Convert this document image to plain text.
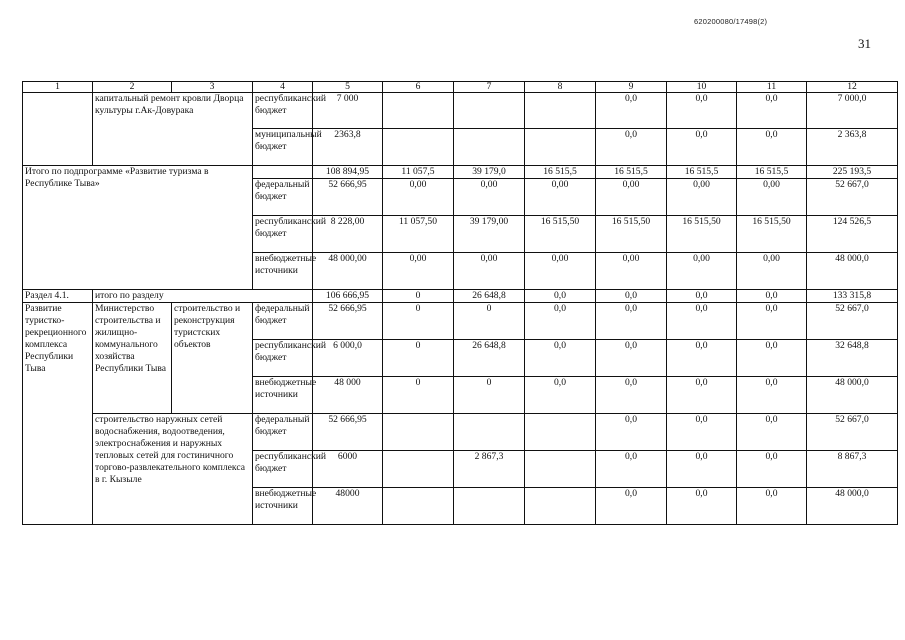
620200080/17498(2)
31
1	2	3	4	5	6	7	8	9	10	11	12
	капитальный ремонт кровли Дворца культуры г.Ак-Довурака		республиканский бюджет	7 000				0,0	0,0	0,0	7 000,0

			муниципальный бюджет	2363,8				0,0	0,0	0,0	2 363,8
Итого по подпрограмме «Развитие туризма в Республике Тыва»				108 894,95	11 057,5	39 179,0	16 515,5	16 515,5	16 515,5	16 515,5	225 193,5

			федеральный бюджет	52 666,95	0,00	0,00	0,00	0,00	0,00	0,00	52 667,0

			республиканский бюджет	8 228,00	11 057,50	39 179,00	16 515,50	16 515,50	16 515,50	16 515,50	124 526,5

			внебюджетные источники	48 000,00	0,00	0,00	0,00	0,00	0,00	0,00	48 000,0
Раздел 4.1.	итого по разделу			106 666,95	0	26 648,8	0,0	0,0	0,0	0,0	133 315,8
Развитие туристко-рекреционного комплекса Республики Тыва	Министерство строительства и жилищно-коммунального хозяйства Республики Тыва	строительство и реконструкция туристских объектов	федеральный бюджет	52 666,95	0	0	0,0	0,0	0,0	0,0	52 667,0

			республиканский бюджет	6 000,0	0	26 648,8	0,0	0,0	0,0	0,0	32 648,8

			внебюджетные источники	48 000	0	0	0,0	0,0	0,0	0,0	48 000,0
	строительство наружных сетей водоснабжения, водоотведения, электроснабжения и наружных тепловых сетей для гостиничного торгово-развлекательного комплекса в г. Кызыле		федеральный бюджет	52 666,95				0,0	0,0	0,0	52 667,0

			республиканский бюджет	6000		2 867,3		0,0	0,0	0,0	8 867,3

			внебюджетные источники	48000				0,0	0,0	0,0	48 000,0
